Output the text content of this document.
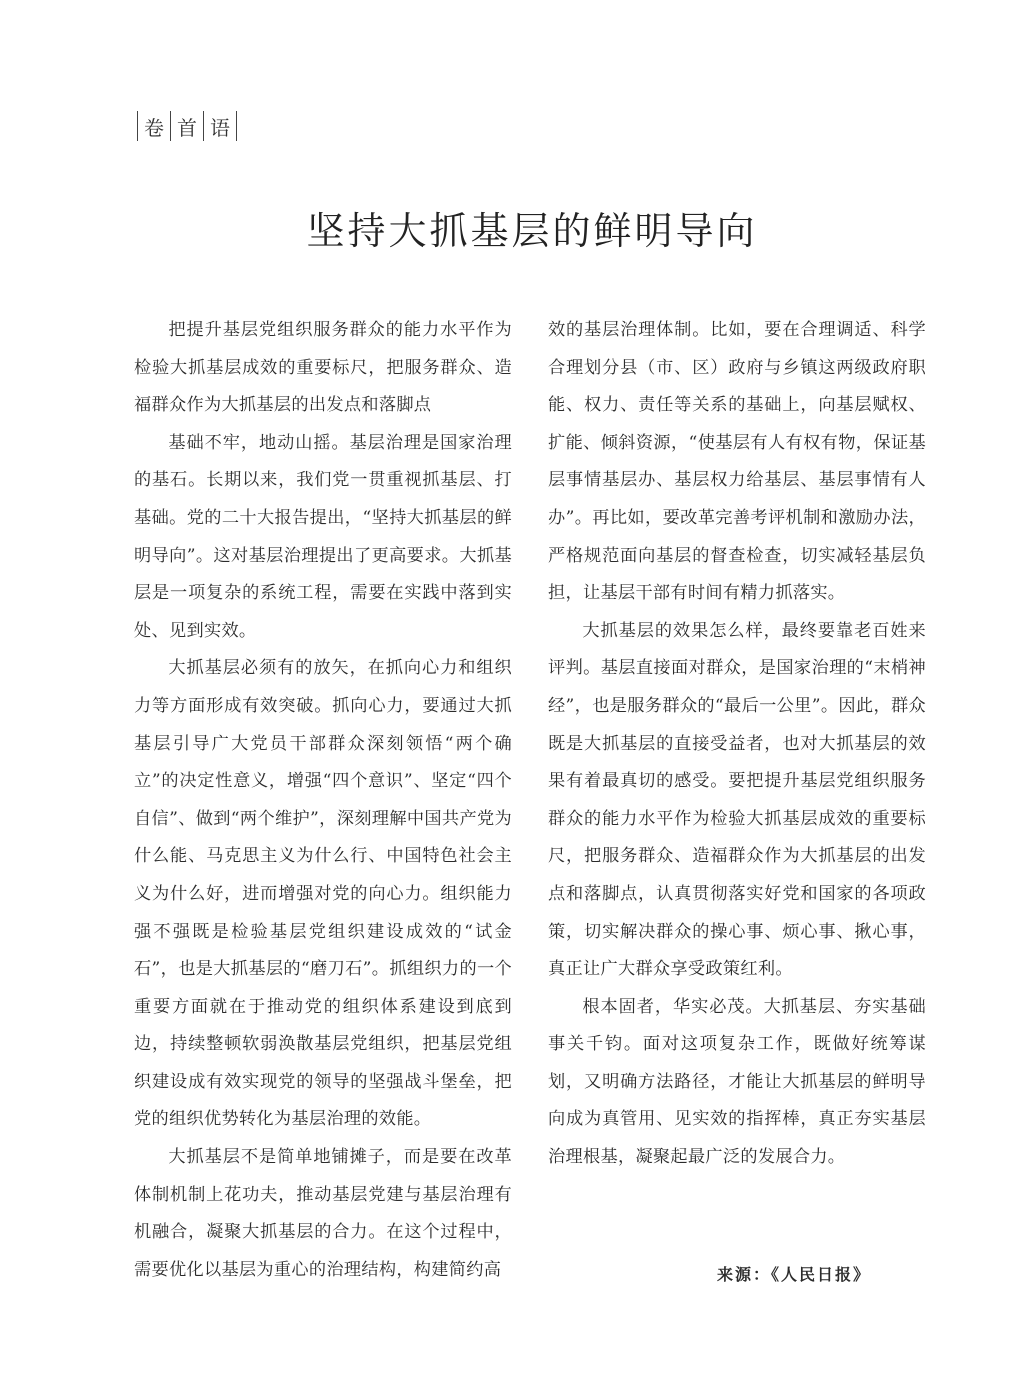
卷 首 语
坚持大抓基层的鲜明导向

把提升基层党组织服务群众的能力水平作为检验大抓基层成效的重要标尺，把服务群众、造福群众作为大抓基层的出发点和落脚点

基础不牢，地动山摇。基层治理是国家治理的基石。长期以来，我们党一贯重视抓基层、打基础。党的二十大报告提出，“坚持大抓基层的鲜明导向”。这对基层治理提出了更高要求。大抓基层是一项复杂的系统工程，需要在实践中落到实处、见到实效。

大抓基层必须有的放矢，在抓向心力和组织力等方面形成有效突破。抓向心力，要通过大抓基层引导广大党员干部群众深刻领悟“两个确立”的决定性意义，增强“四个意识”、坚定“四个自信”、做到“两个维护”，深刻理解中国共产党为什么能、马克思主义为什么行、中国特色社会主义为什么好，进而增强对党的向心力。组织能力强不强既是检验基层党组织建设成效的“试金石”，也是大抓基层的“磨刀石”。抓组织力的一个重要方面就在于推动党的组织体系建设到底到边，持续整顿软弱涣散基层党组织，把基层党组织建设成有效实现党的领导的坚强战斗堡垒，把党的组织优势转化为基层治理的效能。

大抓基层不是简单地铺摊子，而是要在改革体制机制上花功夫，推动基层党建与基层治理有机融合，凝聚大抓基层的合力。在这个过程中，需要优化以基层为重心的治理结构，构建简约高

效的基层治理体制。比如，要在合理调适、科学合理划分县（市、区）政府与乡镇这两级政府职能、权力、责任等关系的基础上，向基层赋权、扩能、倾斜资源，“使基层有人有权有物，保证基层事情基层办、基层权力给基层、基层事情有人办”。再比如，要改革完善考评机制和激励办法，严格规范面向基层的督查检查，切实减轻基层负担，让基层干部有时间有精力抓落实。

大抓基层的效果怎么样，最终要靠老百姓来评判。基层直接面对群众，是国家治理的“末梢神经”，也是服务群众的“最后一公里”。因此，群众既是大抓基层的直接受益者，也对大抓基层的效果有着最真切的感受。要把提升基层党组织服务群众的能力水平作为检验大抓基层成效的重要标尺，把服务群众、造福群众作为大抓基层的出发点和落脚点，认真贯彻落实好党和国家的各项政策，切实解决群众的操心事、烦心事、揪心事，真正让广大群众享受政策红利。

根本固者，华实必茂。大抓基层、夯实基础事关千钧。面对这项复杂工作，既做好统筹谋划，又明确方法路径，才能让大抓基层的鲜明导向成为真管用、见实效的指挥棒，真正夯实基层治理根基，凝聚起最广泛的发展合力。

来源：《人民日报》
